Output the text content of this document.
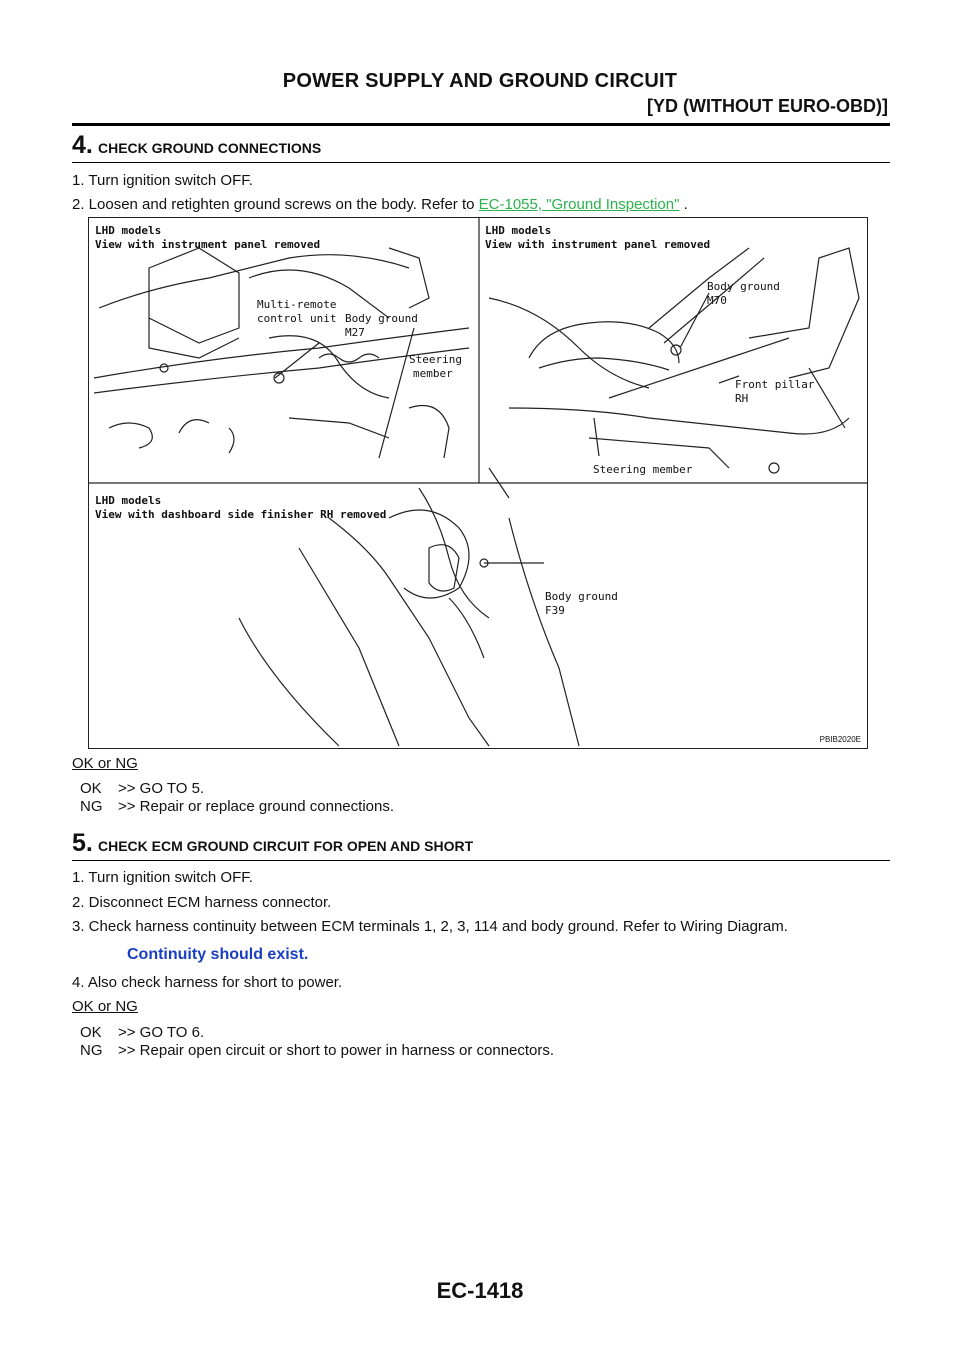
POWER SUPPLY AND GROUND CIRCUIT
[YD (WITHOUT EURO-OBD)]
4. CHECK GROUND CONNECTIONS
1. Turn ignition switch OFF.
2. Loosen and retighten ground screws on the body. Refer to EC-1055, "Ground Inspection" .
LHD models
View with instrument panel removed
Multi-remote
control unit Body ground
M27
Steering
member
LHD models
View with instrument panel removed
Body ground
M70
Front pillar
RH
Steering member
LHD models
View with dashboard side finisher RH removed
Body ground
F39
PBIB2020E
OK or NG
OK >> GO TO 5.
NG >> Repair or replace ground connections.
5. CHECK ECM GROUND CIRCUIT FOR OPEN AND SHORT
1. Turn ignition switch OFF.
2. Disconnect ECM harness connector.
3. Check harness continuity between ECM terminals 1, 2, 3, 114 and body ground. Refer to Wiring Diagram.
Continuity should exist.
4. Also check harness for short to power.
OK or NG
OK >> GO TO 6.
NG >> Repair open circuit or short to power in harness or connectors.
EC-1418
